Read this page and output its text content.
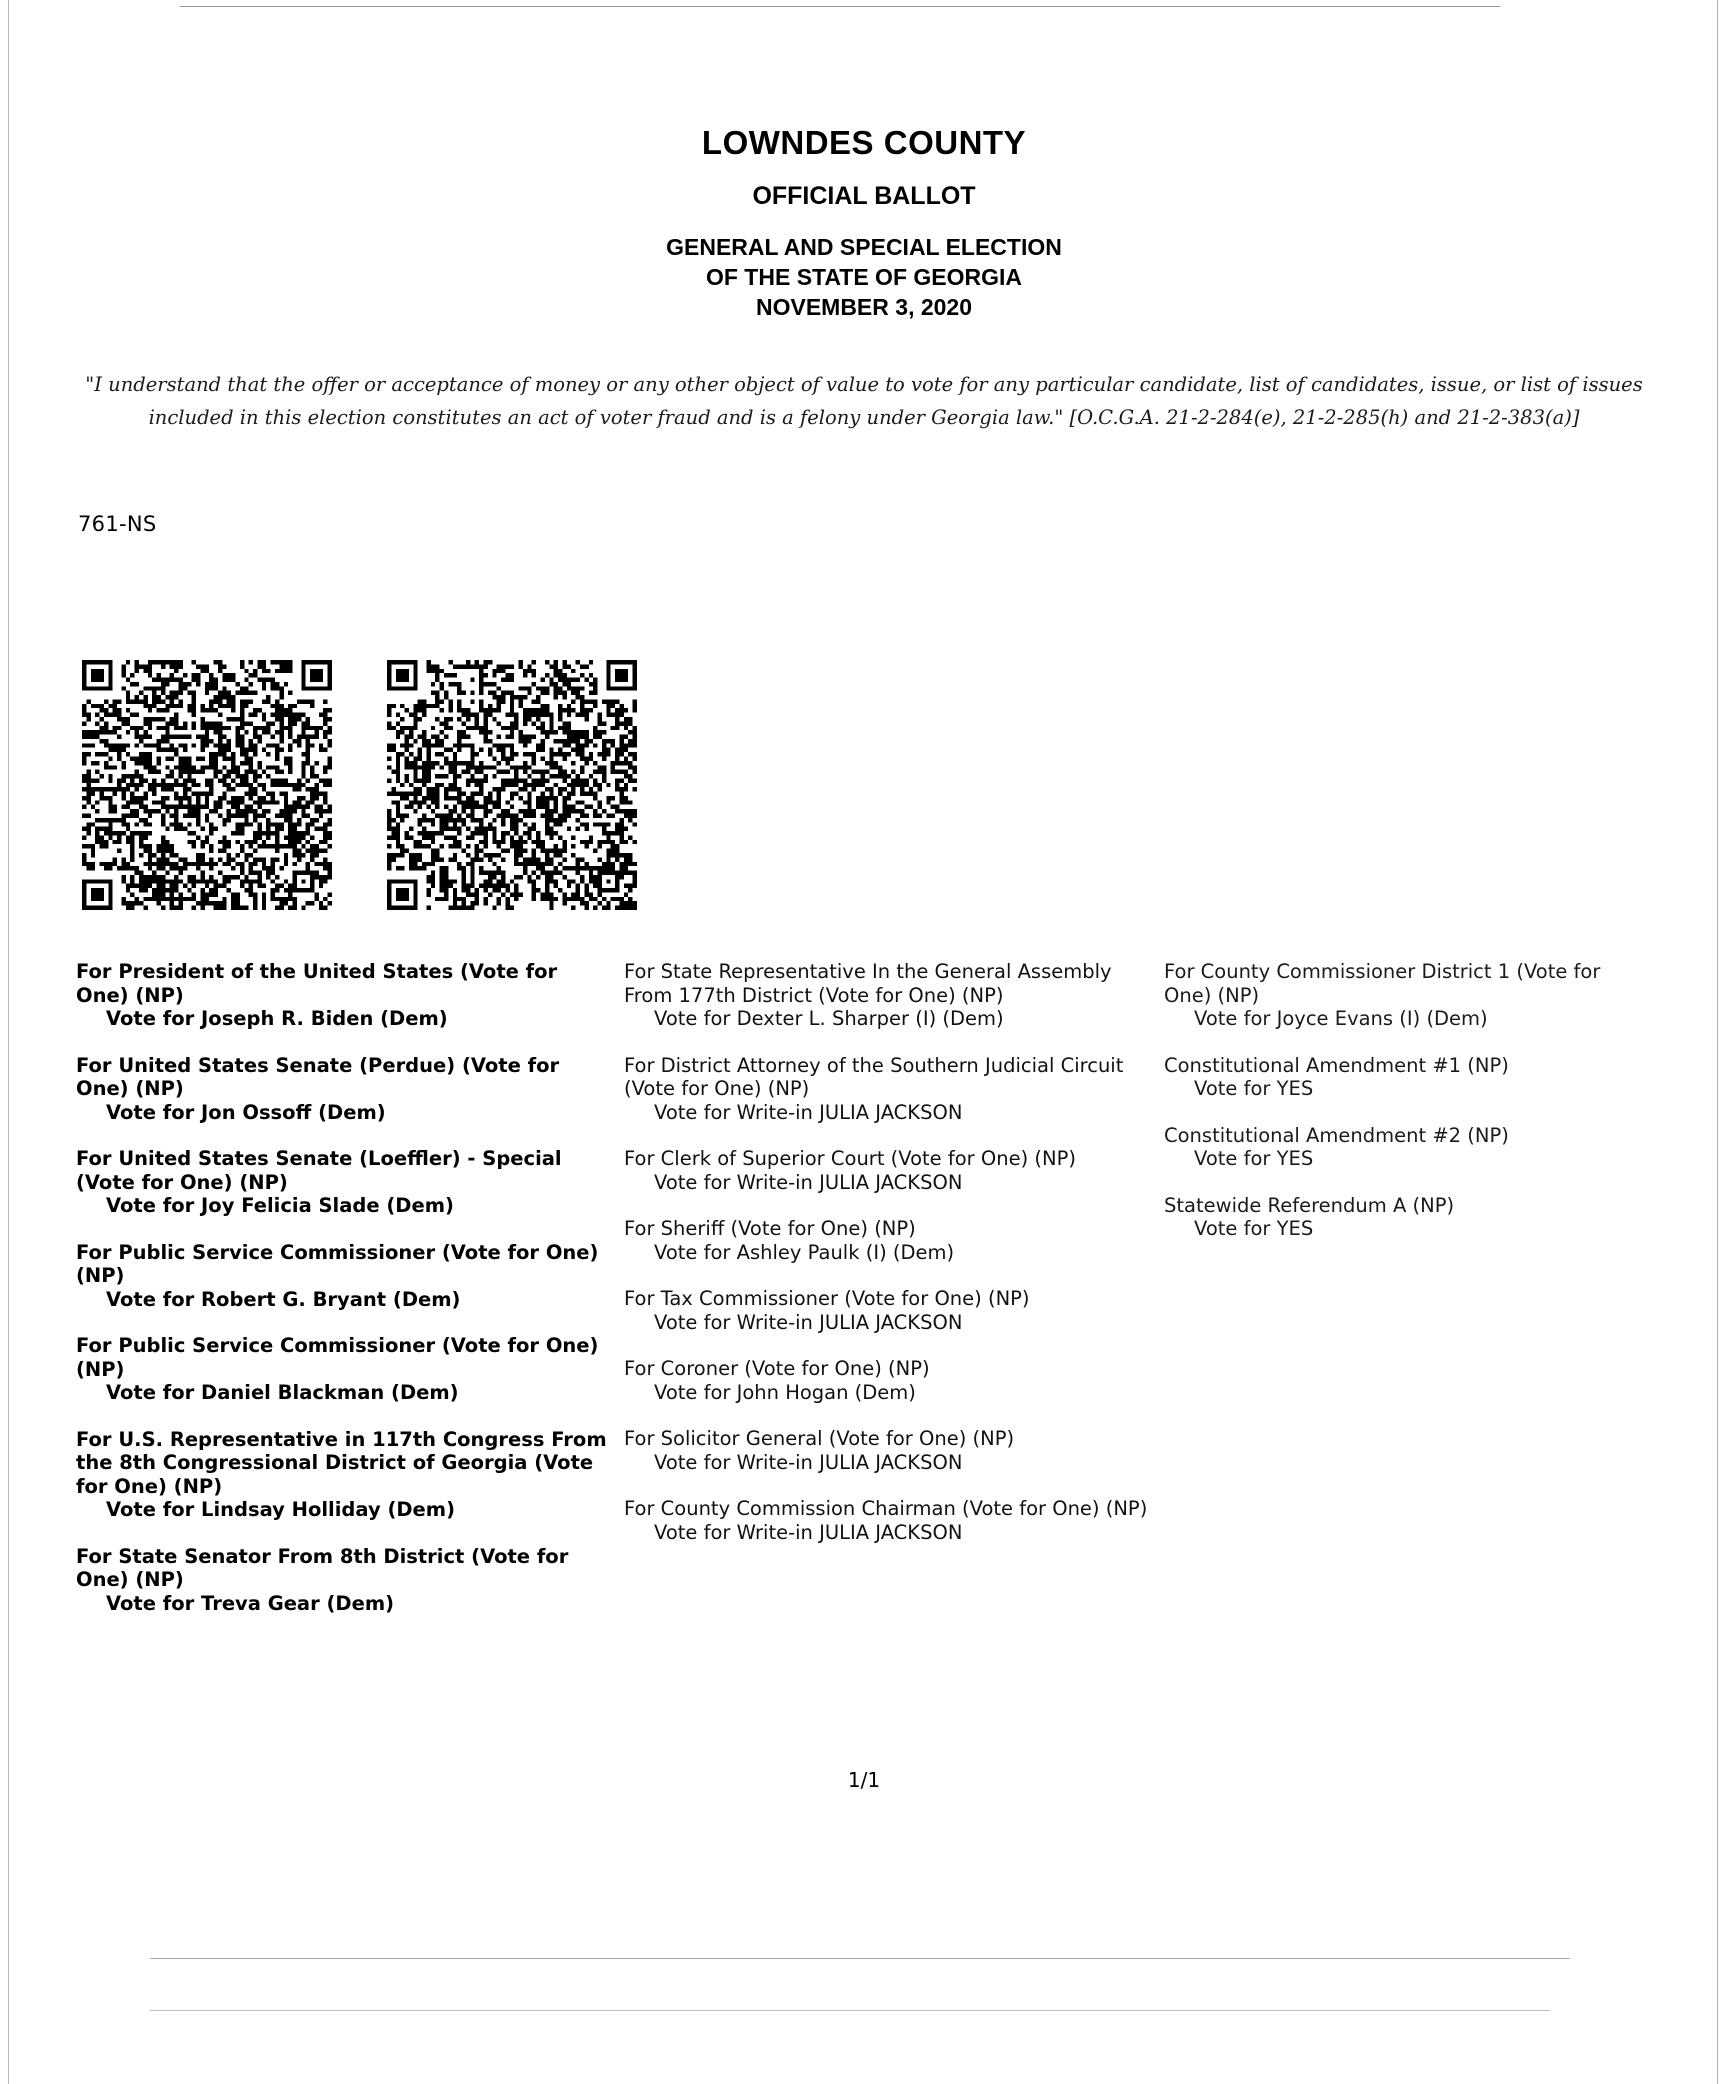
LOWNDES COUNTY
OFFICIAL BALLOT
GENERAL AND SPECIAL ELECTION
OF THE STATE OF GEORGIA
NOVEMBER 3, 2020
"I understand that the offer or acceptance of money or any other object of value to vote for any particular candidate, list of candidates, issue, or list of issues included in this election constitutes an act of voter fraud and is a felony under Georgia law." [O.C.G.A. 21-2-284(e), 21-2-285(h) and 21-2-383(a)]
761-NS
For President of the United States (Vote for One) (NP)
Vote for Joseph R. Biden (Dem)
For United States Senate (Perdue) (Vote for One) (NP)
Vote for Jon Ossoff (Dem)
For United States Senate (Loeffler) - Special (Vote for One) (NP)
Vote for Joy Felicia Slade (Dem)
For Public Service Commissioner (Vote for One) (NP)
Vote for Robert G. Bryant (Dem)
For Public Service Commissioner (Vote for One) (NP)
Vote for Daniel Blackman (Dem)
For U.S. Representative in 117th Congress From the 8th Congressional District of Georgia (Vote for One) (NP)
Vote for Lindsay Holliday (Dem)
For State Senator From 8th District (Vote for One) (NP)
Vote for Treva Gear (Dem)
For State Representative In the General Assembly From 177th District (Vote for One) (NP)
Vote for Dexter L. Sharper (I) (Dem)
For District Attorney of the Southern Judicial Circuit (Vote for One) (NP)
Vote for Write-in JULIA JACKSON
For Clerk of Superior Court (Vote for One) (NP)
Vote for Write-in JULIA JACKSON
For Sheriff (Vote for One) (NP)
Vote for Ashley Paulk (I) (Dem)
For Tax Commissioner (Vote for One) (NP)
Vote for Write-in JULIA JACKSON
For Coroner (Vote for One) (NP)
Vote for John Hogan (Dem)
For Solicitor General (Vote for One) (NP)
Vote for Write-in JULIA JACKSON
For County Commission Chairman (Vote for One) (NP)
Vote for Write-in JULIA JACKSON
For County Commissioner District 1 (Vote for One) (NP)
Vote for Joyce Evans (I) (Dem)
Constitutional Amendment #1 (NP)
Vote for YES
Constitutional Amendment #2 (NP)
Vote for YES
Statewide Referendum A (NP)
Vote for YES
1/1
